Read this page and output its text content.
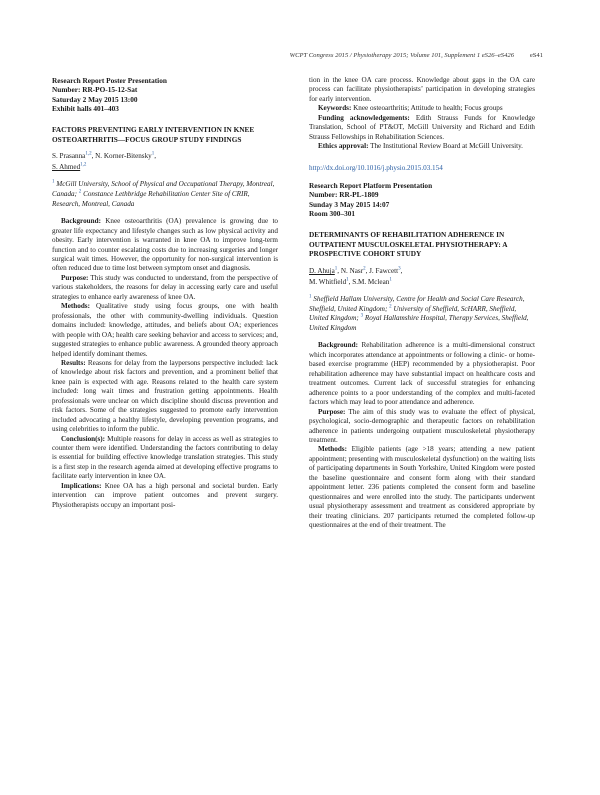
WCPT Congress 2015 / Physiotherapy 2015; Volume 101, Supplement 1 eS26–eS426 eS41

Research Report Poster Presentation

Number: RR-PO-15-12-Sat

Saturday 2 May 2015 13:00

Exhibit halls 401–403

FACTORS PREVENTING EARLY INTERVENTION IN KNEE OSTEOARTHRITIS—FOCUS GROUP STUDY FINDINGS

S. Prasanna$^{1,2}$, N. Korner-Bitensky$^1$,
S. Ahmed$^{1,2}$

$^1$ McGill University, School of Physical and Occupational Therapy, Montreal, Canada; $^2$ Constance Lethbridge Rehabilitation Center Site of CRIR, Research, Montreal, Canada

Background: Knee osteoarthritis (OA) prevalence is growing due to greater life expectancy and lifestyle changes such as low physical activity and obesity. Early intervention is warranted in knee OA to improve long-term function and to counter escalating costs due to increasing surgeries and longer surgical wait times. However, the opportunity for non-surgical intervention is often reduced due to time lost between symptom onset and diagnosis.

Purpose: This study was conducted to understand, from the perspective of various stakeholders, the reasons for delay in accessing early care and useful strategies to enhance early awareness of knee OA.

Methods: Qualitative study using focus groups, one with health professionals, the other with community-dwelling individuals. Question domains included: knowledge, attitudes, and beliefs about OA; experiences with people with OA; health care seeking behavior and access to services; and, suggested strategies to enhance public awareness. A grounded theory approach helped identify dominant themes.

Results: Reasons for delay from the laypersons perspective included: lack of knowledge about risk factors and prevention, and a prominent belief that knee pain is expected with age. Reasons related to the health care system included: long wait times and frustration getting appointments. Health professionals were unclear on which discipline should discuss prevention and risk factors. Some of the strategies suggested to promote early intervention included advocating a healthy lifestyle, developing prevention programs, and using celebrities to inform the public.

Conclusion(s): Multiple reasons for delay in access as well as strategies to counter them were identified. Understanding the factors contributing to delay is essential for building effective knowledge translation strategies. This study is a first step in the research agenda aimed at developing effective programs to facilitate early intervention in knee OA.

Implications: Knee OA has a high personal and societal burden. Early intervention can improve patient outcomes and prevent surgery. Physiotherapists occupy an important posi-

tion in the knee OA care process. Knowledge about gaps in the OA care process can facilitate physiotherapists’ participation in developing strategies for early intervention.

Keywords: Knee osteoarthritis; Attitude to health; Focus groups

Funding acknowledgements: Edith Strauss Funds for Knowledge Translation, School of PT&OT, McGill University and Richard and Edith Strauss Fellowships in Rehabilitation Sciences.

Ethics approval: The Institutional Review Board at McGill University.

http://dx.doi.org/10.1016/j.physio.2015.03.154

Research Report Platform Presentation

Number: RR-PL-1809

Sunday 3 May 2015 14:07

Room 300–301

DETERMINANTS OF REHABILITATION ADHERENCE IN OUTPATIENT MUSCULOSKELETAL PHYSIOTHERAPY: A PROSPECTIVE COHORT STUDY

D. Ahuja$^1$, N. Nasr$^2$, J. Fawcett$^3$,
M. Whitfield$^1$, S.M. Mclean$^1$

$^1$ Sheffield Hallam University, Centre for Health and Social Care Research, Sheffield, United Kingdom; $^2$ University of Sheffield, ScHARR, Sheffield, United Kingdom; $^3$ Royal Hallamshire Hospital, Therapy Services, Sheffield, United Kingdom

Background: Rehabilitation adherence is a multi-dimensional construct which incorporates attendance at appointments or following a clinic- or home-based exercise programme (HEP) recommended by a physiotherapist. Poor rehabilitation adherence may have substantial impact on healthcare costs and treatment outcomes. Current lack of successful strategies for enhancing adherence points to a poor understanding of the complex and multi-faceted factors which may lead to poor attendance and adherence.

Purpose: The aim of this study was to evaluate the effect of physical, psychological, socio-demographic and therapeutic factors on rehabilitation adherence in patients undergoing outpatient musculoskeletal physiotherapy treatment.

Methods: Eligible patients (age >18 years; attending a new patient appointment; presenting with musculoskeletal dysfunction) on the waiting lists of participating departments in South Yorkshire, United Kingdom were posted the baseline questionnaire and consent form along with their standard appointment letter. 236 patients completed the consent form and baseline questionnaires and were enrolled into the study. The participants underwent usual physiotherapy assessment and treatment as considered appropriate by their treating clinicians. 207 participants returned the completed follow-up questionnaires at the end of their treatment. The
